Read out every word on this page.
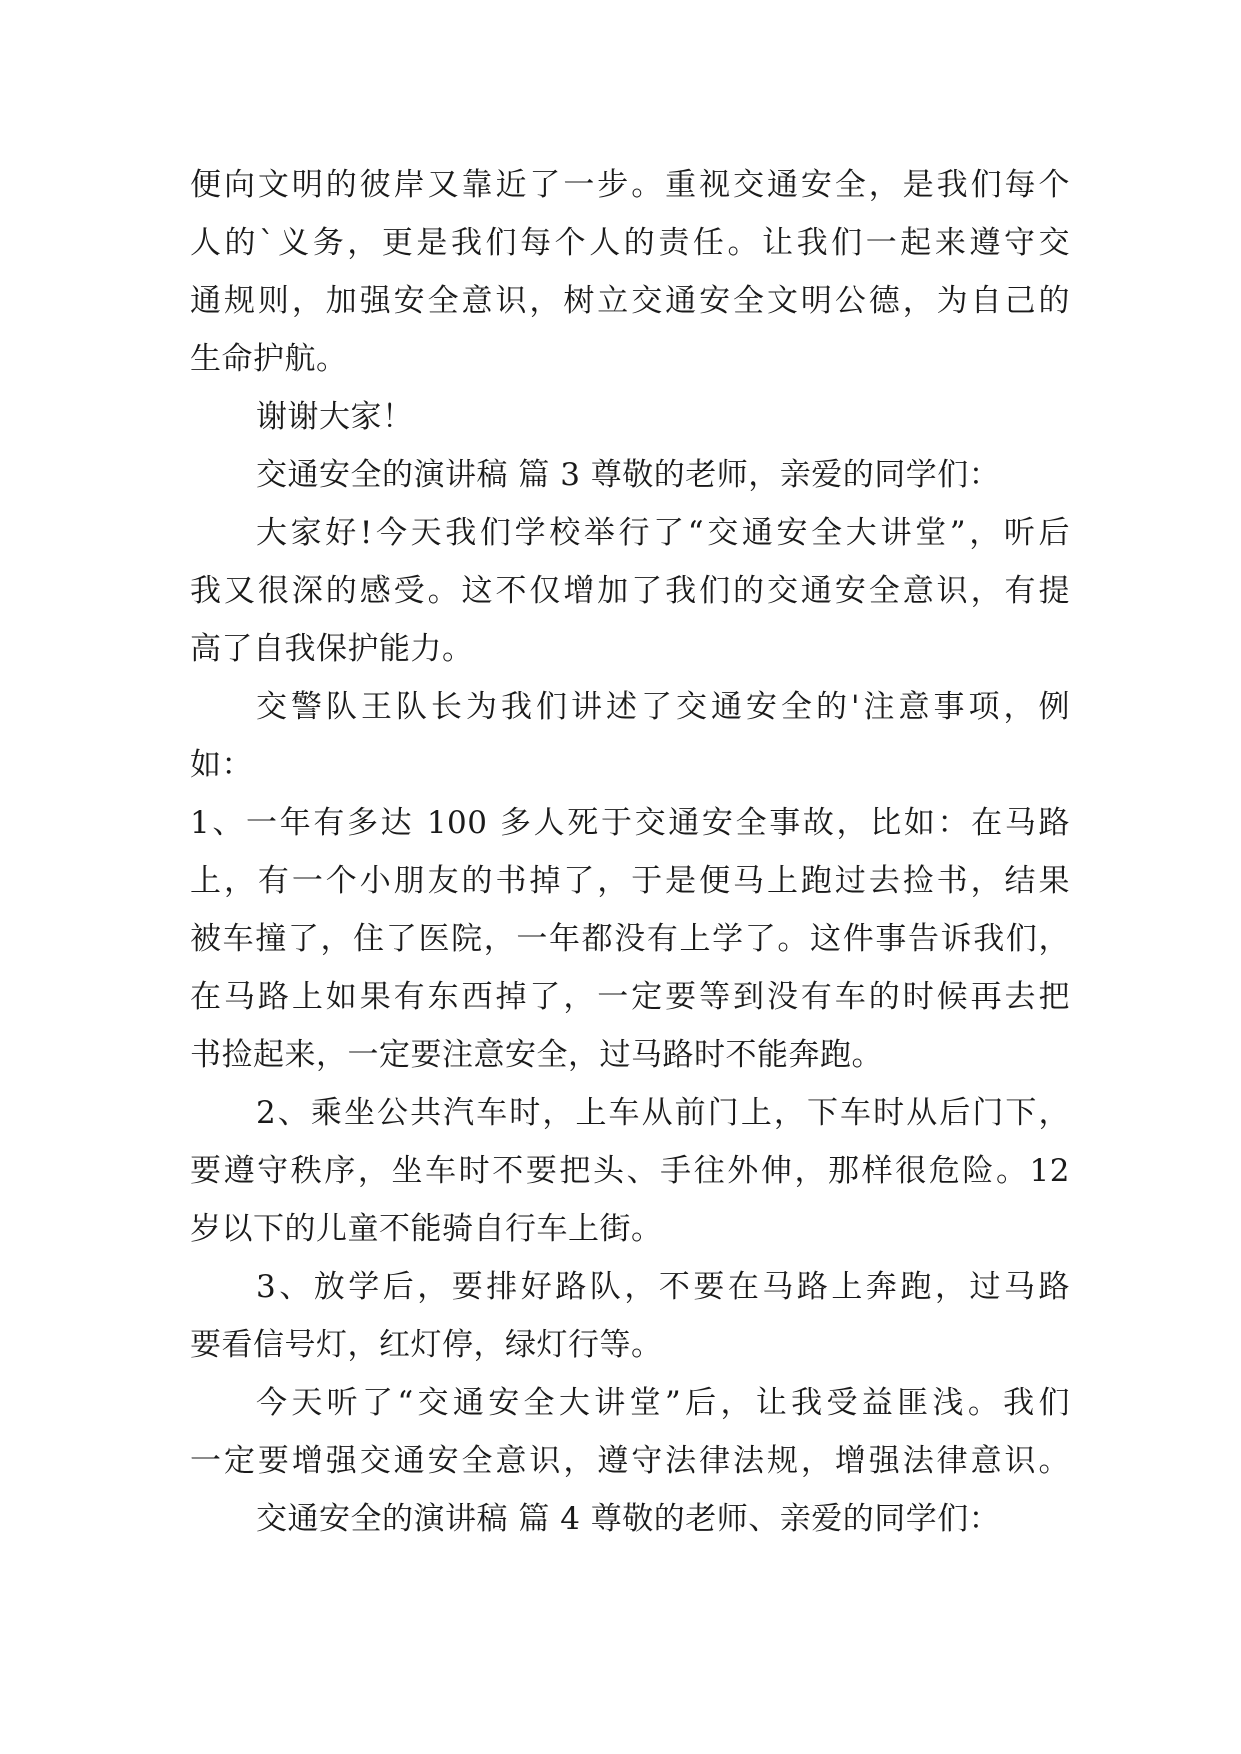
便向文明的彼岸又靠近了一步。重视交通安全，是我们每个
人的`义务，更是我们每个人的责任。让我们一起来遵守交
通规则，加强安全意识，树立交通安全文明公德，为自己的
生命护航。
谢谢大家！
交通安全的演讲稿 篇 3 尊敬的老师，亲爱的同学们：
大家好!今天我们学校举行了“交通安全大讲堂”，听后
我又很深的感受。这不仅增加了我们的交通安全意识，有提
高了自我保护能力。
交警队王队长为我们讲述了交通安全的'注意事项，例
如：
1、一年有多达 100 多人死于交通安全事故，比如：在马路
上，有一个小朋友的书掉了，于是便马上跑过去捡书，结果
被车撞了，住了医院，一年都没有上学了。这件事告诉我们，
在马路上如果有东西掉了，一定要等到没有车的时候再去把
书捡起来，一定要注意安全，过马路时不能奔跑。
2、乘坐公共汽车时，上车从前门上，下车时从后门下，
要遵守秩序，坐车时不要把头、手往外伸，那样很危险。12
岁以下的儿童不能骑自行车上街。
3、放学后，要排好路队，不要在马路上奔跑，过马路
要看信号灯，红灯停，绿灯行等。
今天听了“交通安全大讲堂”后，让我受益匪浅。我们
一定要增强交通安全意识，遵守法律法规，增强法律意识。
交通安全的演讲稿 篇 4 尊敬的老师、亲爱的同学们：
